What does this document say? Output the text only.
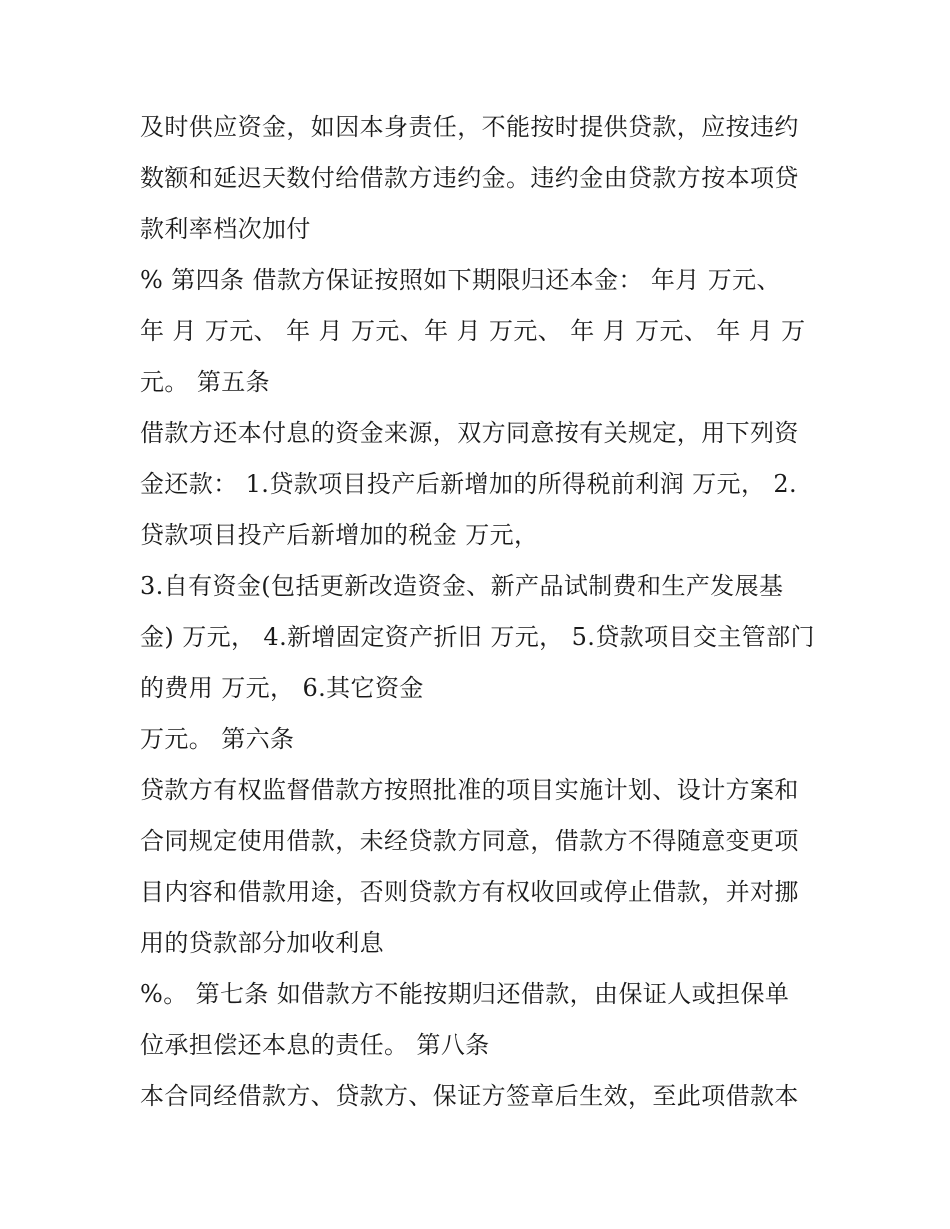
及时供应资金，如因本身责任，不能按时提供贷款，应按违约
数额和延迟天数付给借款方违约金。违约金由贷款方按本项贷
款利率档次加付
% 第四条 借款方保证按照如下期限归还本金： 年月 万元、
年 月 万元、 年 月 万元、年 月 万元、 年 月 万元、 年 月 万
元。 第五条
借款方还本付息的资金来源，双方同意按有关规定，用下列资
金还款： 1.贷款项目投产后新增加的所得税前利润 万元， 2.
贷款项目投产后新增加的税金 万元，
3.自有资金(包括更新改造资金、新产品试制费和生产发展基
金) 万元， 4.新增固定资产折旧 万元， 5.贷款项目交主管部门
的费用 万元， 6.其它资金
万元。 第六条
贷款方有权监督借款方按照批准的项目实施计划、设计方案和
合同规定使用借款，未经贷款方同意，借款方不得随意变更项
目内容和借款用途，否则贷款方有权收回或停止借款，并对挪
用的贷款部分加收利息
%。 第七条 如借款方不能按期归还借款，由保证人或担保单
位承担偿还本息的责任。 第八条
本合同经借款方、贷款方、保证方签章后生效，至此项借款本
